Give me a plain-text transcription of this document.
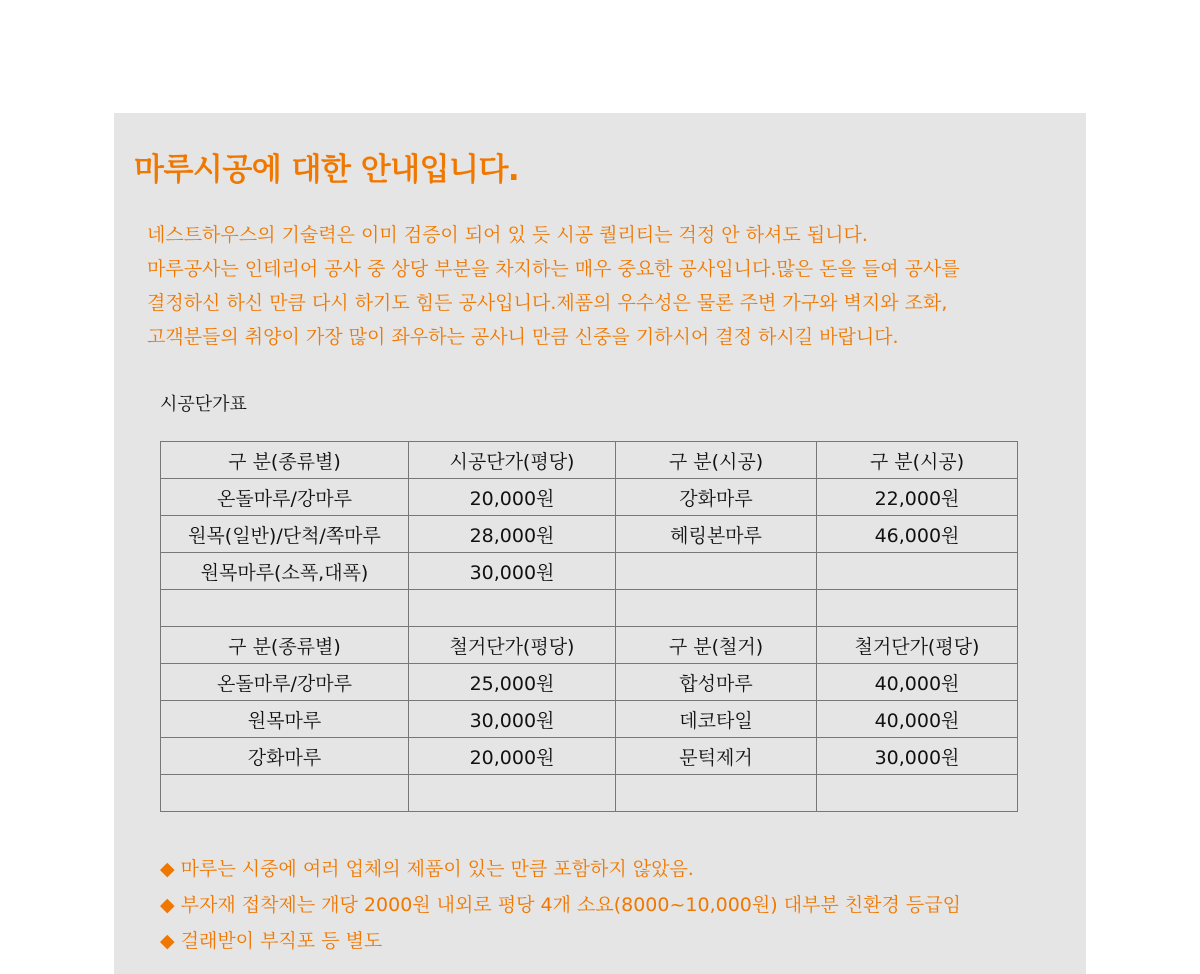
마루시공에 대한 안내입니다.

네스트하우스의 기술력은 이미 검증이 되어 있 듯 시공 퀄리티는 걱정 안 하셔도 됩니다.

마루공사는 인테리어 공사 중 상당 부분을 차지하는 매우 중요한 공사입니다.많은 돈을 들여 공사를

결정하신 하신 만큼 다시 하기도 힘든 공사입니다.제품의 우수성은 물론 주변 가구와 벽지와 조화,

고객분들의 취양이 가장 많이 좌우하는 공사니 만큼 신중을 기하시어 결정 하시길 바랍니다.

시공단가표
구 분(종류별)	시공단가(평당)	구 분(시공)	구 분(시공)
온돌마루/강마루	20,000원	강화마루	22,000원
원목(일반)/단척/쪽마루	28,000원	헤링본마루	46,000원
원목마루(소폭,대폭)	30,000원		

구 분(종류별)	철거단가(평당)	구 분(철거)	철거단가(평당)
온돌마루/강마루	25,000원	합성마루	40,000원
원목마루	30,000원	데코타일	40,000원
강화마루	20,000원	문턱제거	30,000원

◆ 마루는 시중에 여러 업체의 제품이 있는 만큼 포함하지 않았음.
◆ 부자재 접착제는 개당 2000원 내외로 평당 4개 소요(8000~10,000원) 대부분 친환경 등급임
◆ 걸래받이 부직포 등 별도
